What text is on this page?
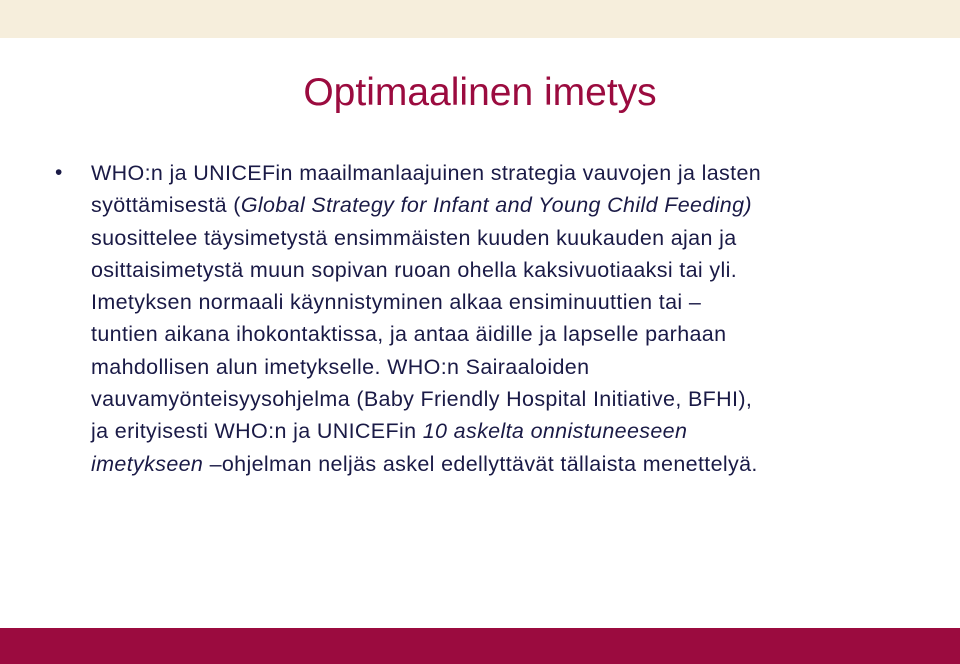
Optimaalinen imetys
• WHO:n ja UNICEFin maailmanlaajuinen strategia vauvojen ja lasten
syöttämisestä (Global Strategy for Infant and Young Child Feeding)
suosittelee täysimetystä ensimmäisten kuuden kuukauden ajan ja
osittaisimetystä muun sopivan ruoan ohella kaksivuotiaaksi tai yli.
Imetyksen normaali käynnistyminen alkaa ensiminuuttien tai –
tuntien aikana ihokontaktissa, ja antaa äidille ja lapselle parhaan
mahdollisen alun imetykselle. WHO:n Sairaaloiden
vauvamyönteisyysohjelma (Baby Friendly Hospital Initiative, BFHI),
ja erityisesti WHO:n ja UNICEFin 10 askelta onnistuneeseen
imetykseen –ohjelman neljäs askel edellyttävät tällaista menettelyä.
